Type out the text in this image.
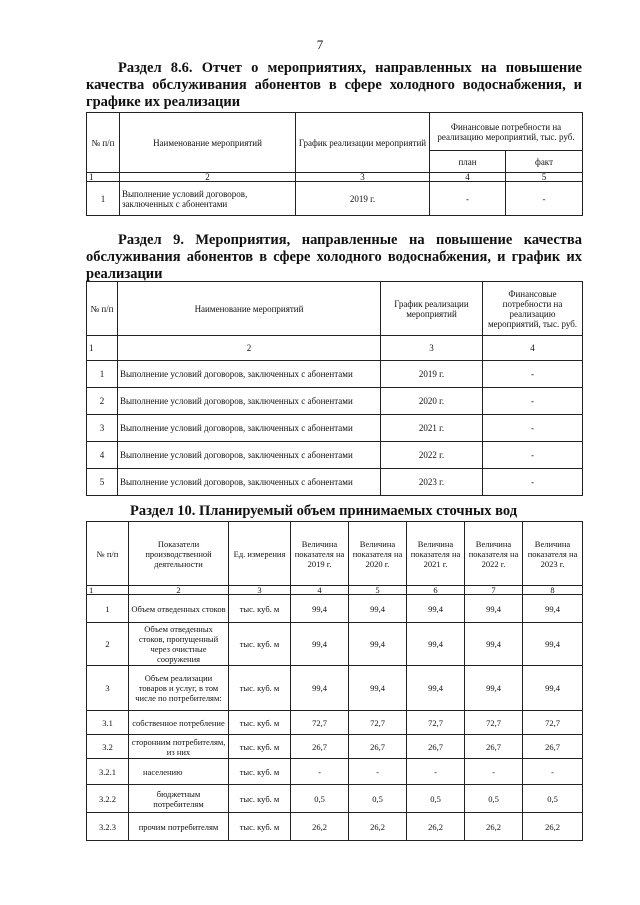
7
Раздел 8.6. Отчет о мероприятиях, направленных на повышение качества обслуживания абонентов в сфере холодного водоснабжения, и графике их реализации
№ п/п	Наименование мероприятий	График реализации мероприятий	Финансовые потребности на реализацию мероприятий, тыс. руб.	
			план	факт
1	2	3	4	5
1	Выполнение условий договоров, заключенных с абонентами	2019 г.	-	-
Раздел 9. Мероприятия, направленные на повышение качества обслуживания абонентов в сфере холодного водоснабжения, и график их реализации
№ п/п	Наименование мероприятий	График реализации мероприятий	Финансовые потребности на реализацию мероприятий, тыс. руб.
1	2	3	4
1	Выполнение условий договоров, заключенных с абонентами	2019 г.	-
2	Выполнение условий договоров, заключенных с абонентами	2020 г.	-
3	Выполнение условий договоров, заключенных с абонентами	2021 г.	-
4	Выполнение условий договоров, заключенных с абонентами	2022 г.	-
5	Выполнение условий договоров, заключенных с абонентами	2023 г.	-
Раздел 10. Планируемый объем принимаемых сточных вод
№ п/п	Показатели производственной деятельности	Ед. измерения	Величина показателя на 2019 г.	Величина показателя на 2020 г.	Величина показателя на 2021 г.	Величина показателя на 2022 г.	Величина показателя на 2023 г.
1	2	3	4	5	6	7	8
1	Объем отведенных стоков	тыс. куб. м	99,4	99,4	99,4	99,4	99,4
2	Объем отведенных стоков, пропущенный через очистные сооружения	тыс. куб. м	99,4	99,4	99,4	99,4	99,4
3	Объем реализации товаров и услуг, в том числе по потребителям:	тыс. куб. м	99,4	99,4	99,4	99,4	99,4
3.1	собственное потребление	тыс. куб. м	72,7	72,7	72,7	72,7	72,7
3.2	сторонним потребителям, из них	тыс. куб. м	26,7	26,7	26,7	26,7	26,7
3.2.1	населению	тыс. куб. м	-	-	-	-	-
3.2.2	бюджетным потребителям	тыс. куб. м	0,5	0,5	0,5	0,5	0,5
3.2.3	прочим потребителям	тыс. куб. м	26,2	26,2	26,2	26,2	26,2
